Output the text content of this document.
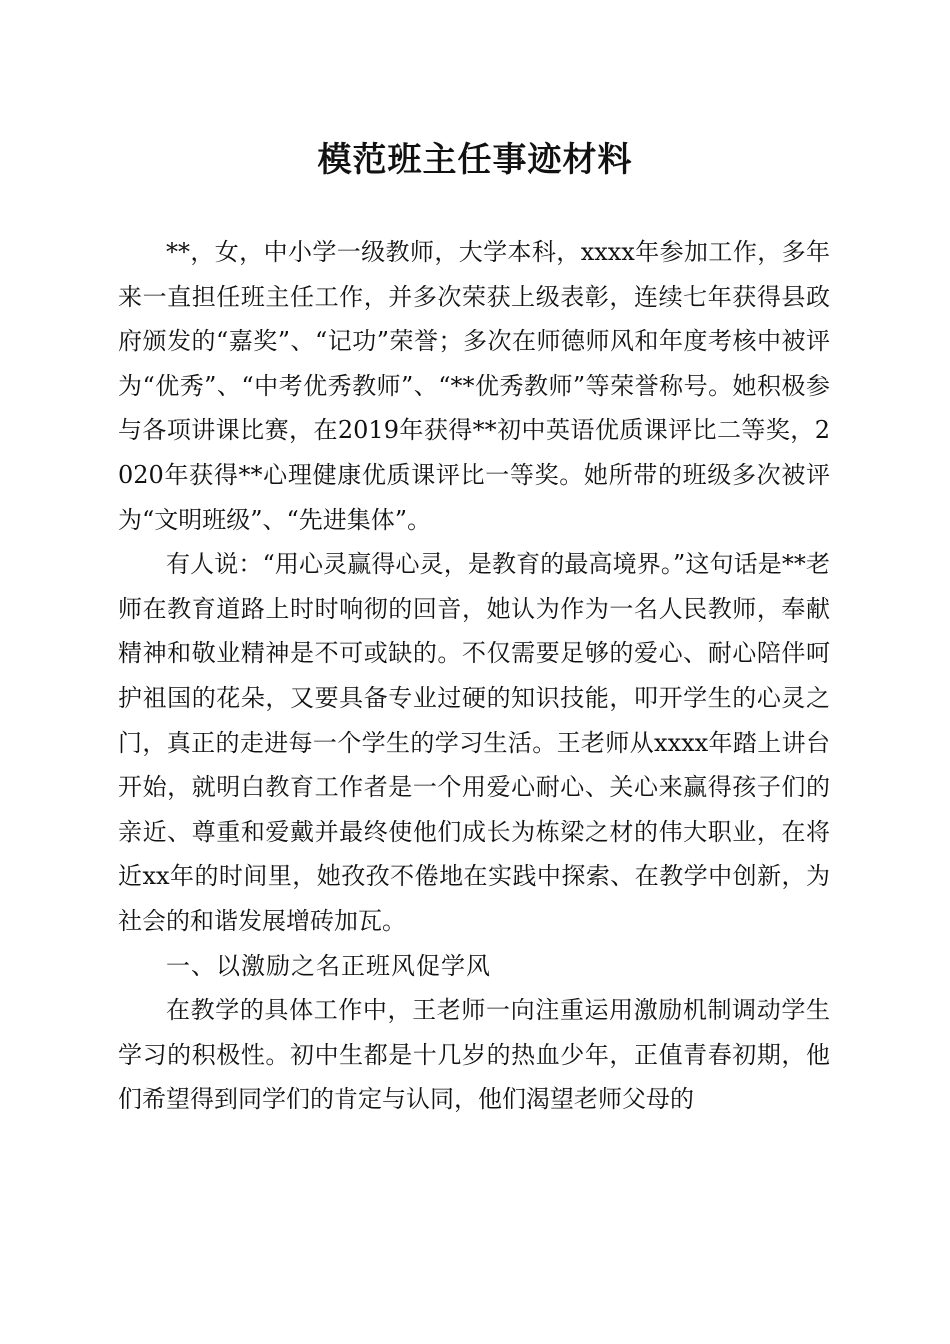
模范班主任事迹材料

**，女，中小学一级教师，大学本科，xxxx年参加工作，多年来一直担任班主任工作，并多次荣获上级表彰，连续七年获得县政府颁发的“嘉奖”、“记功”荣誉；多次在师德师风和年度考核中被评为“优秀”、“中考优秀教师”、“**优秀教师”等荣誉称号。她积极参与各项讲课比赛，在2019年获得**初中英语优质课评比二等奖，2020年获得**心理健康优质课评比一等奖。她所带的班级多次被评为“文明班级”、“先进集体”。

有人说：“用心灵赢得心灵，是教育的最高境界。”这句话是**老师在教育道路上时时响彻的回音，她认为作为一名人民教师，奉献精神和敬业精神是不可或缺的。不仅需要足够的爱心、耐心陪伴呵护祖国的花朵，又要具备专业过硬的知识技能，叩开学生的心灵之门，真正的走进每一个学生的学习生活。王老师从xxxx年踏上讲台开始，就明白教育工作者是一个用爱心耐心、关心来赢得孩子们的亲近、尊重和爱戴并最终使他们成长为栋梁之材的伟大职业，在将近xx年的时间里，她孜孜不倦地在实践中探索、在教学中创新，为社会的和谐发展增砖加瓦。

一、以激励之名正班风促学风

在教学的具体工作中，王老师一向注重运用激励机制调动学生学习的积极性。初中生都是十几岁的热血少年，正值青春初期，他们希望得到同学们的肯定与认同，他们渴望老师父母的
